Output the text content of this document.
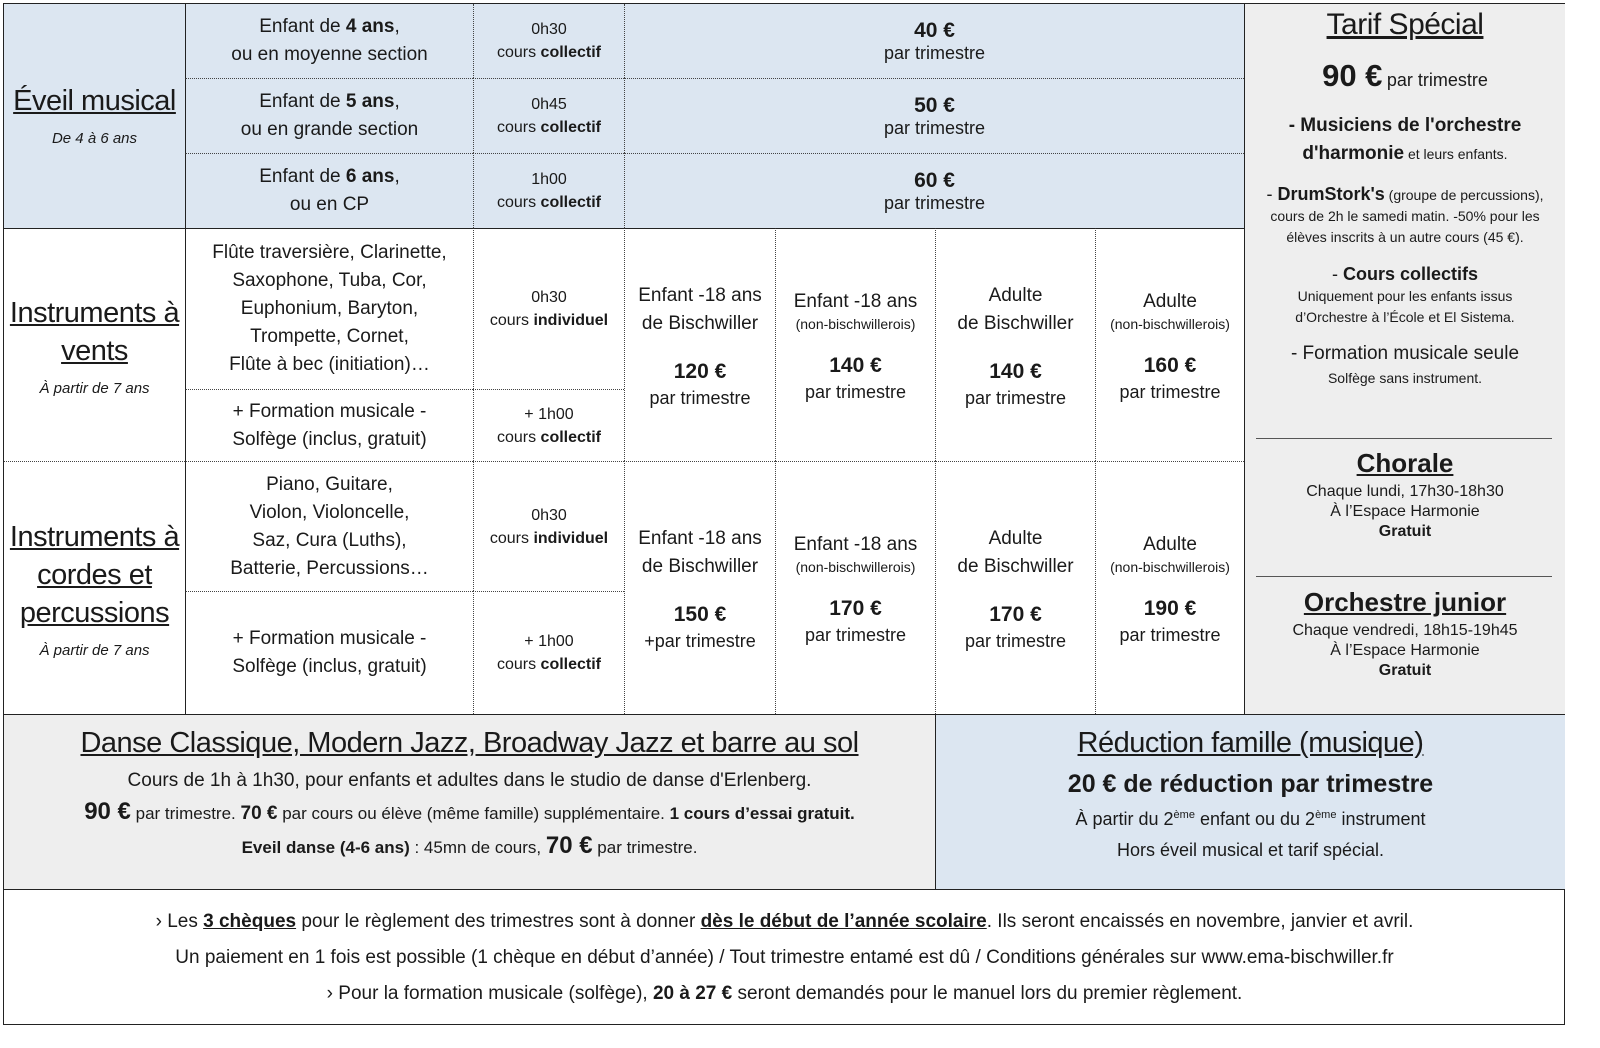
Éveil musical
De 4 à 6 ans
Enfant de 4 ans,
ou en moyenne section
0h30
cours collectif
40 €
par trimestre
Enfant de 5 ans,
ou en grande section
0h45
cours collectif
50 €
par trimestre
Enfant de 6 ans,
ou en CP
1h00
cours collectif
60 €
par trimestre
Instruments à
vents
À partir de 7 ans
Flûte traversière, Clarinette,
Saxophone, Tuba, Cor,
Euphonium, Baryton,
Trompette, Cornet,
Flûte à bec (initiation)…
0h30
cours individuel
+ Formation musicale -
Solfège (inclus, gratuit)
+ 1h00
cours collectif
Enfant -18 ans
de Bischwiller
120 €
par trimestre
Enfant -18 ans
(non-bischwillerois)
140 €
par trimestre
Adulte
de Bischwiller
140 €
par trimestre
Adulte
(non-bischwillerois)
160 €
par trimestre
Instruments à
cordes et
percussions
À partir de 7 ans
Piano, Guitare,
Violon, Violoncelle,
Saz, Cura (Luths),
Batterie, Percussions…
0h30
cours individuel
+ Formation musicale -
Solfège (inclus, gratuit)
+ 1h00
cours collectif
Enfant -18 ans
de Bischwiller
150 €
+par trimestre
Enfant -18 ans
(non-bischwillerois)
170 €
par trimestre
Adulte
de Bischwiller
170 €
par trimestre
Adulte
(non-bischwillerois)
190 €
par trimestre
Tarif Spécial
90 € par trimestre
- Musiciens de l'orchestre
d'harmonie et leurs enfants.
- DrumStork's (groupe de percussions),
cours de 2h le samedi matin. -50% pour les
élèves inscrits à un autre cours (45 €).
- Cours collectifs
Uniquement pour les enfants issus
d’Orchestre à l’École et El Sistema.
- Formation musicale seule
Solfège sans instrument.
Chorale
Chaque lundi, 17h30-18h30
À l’Espace Harmonie
Gratuit
Orchestre junior
Chaque vendredi, 18h15-19h45
À l’Espace Harmonie
Gratuit
Danse Classique, Modern Jazz, Broadway Jazz et barre au sol
Cours de 1h à 1h30, pour enfants et adultes dans le studio de danse d'Erlenberg.
90 € par trimestre. 70 € par cours ou élève (même famille) supplémentaire. 1 cours d’essai gratuit.
Eveil danse (4-6 ans) : 45mn de cours, 70 € par trimestre.
Réduction famille (musique)
20 € de réduction par trimestre
À partir du 2ème enfant ou du 2ème instrument
Hors éveil musical et tarif spécial.
› Les 3 chèques pour le règlement des trimestres sont à donner dès le début de l’année scolaire. Ils seront encaissés en novembre, janvier et avril.
Un paiement en 1 fois est possible (1 chèque en début d’année) / Tout trimestre entamé est dû / Conditions générales sur www.ema-bischwiller.fr
› Pour la formation musicale (solfège), 20 à 27 € seront demandés pour le manuel lors du premier règlement.
